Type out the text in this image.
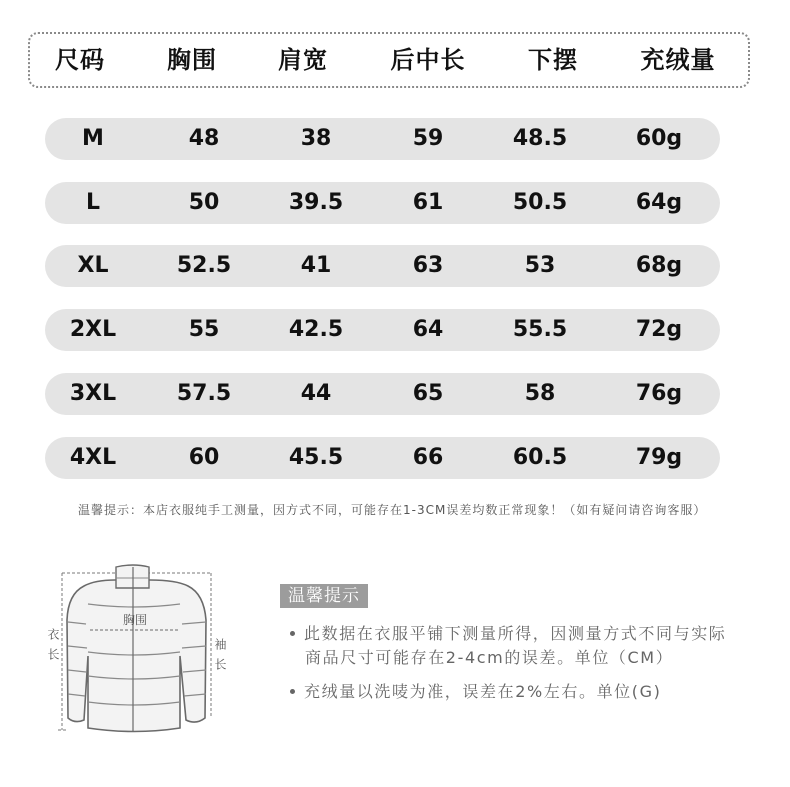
尺码	胸围	肩宽	后中长	下摆	充绒量
M	48	38	59	48.5	60g
L	50	39.5	61	50.5	64g
XL	52.5	41	63	53	68g
2XL	55	42.5	64	55.5	72g
3XL	57.5	44	65	58	76g
4XL	60	45.5	66	60.5	79g
温馨提示：本店衣服纯手工测量，因方式不同，可能存在1-3CM误差均数正常现象！（如有疑问请咨询客服）
胸围
衣长	袖长
温馨提示
此数据在衣服平铺下测量所得，因测量方式不同与实际
商品尺寸可能存在2-4cm的误差。单位（CM）
充绒量以洗唛为准，误差在2%左右。单位(G)
